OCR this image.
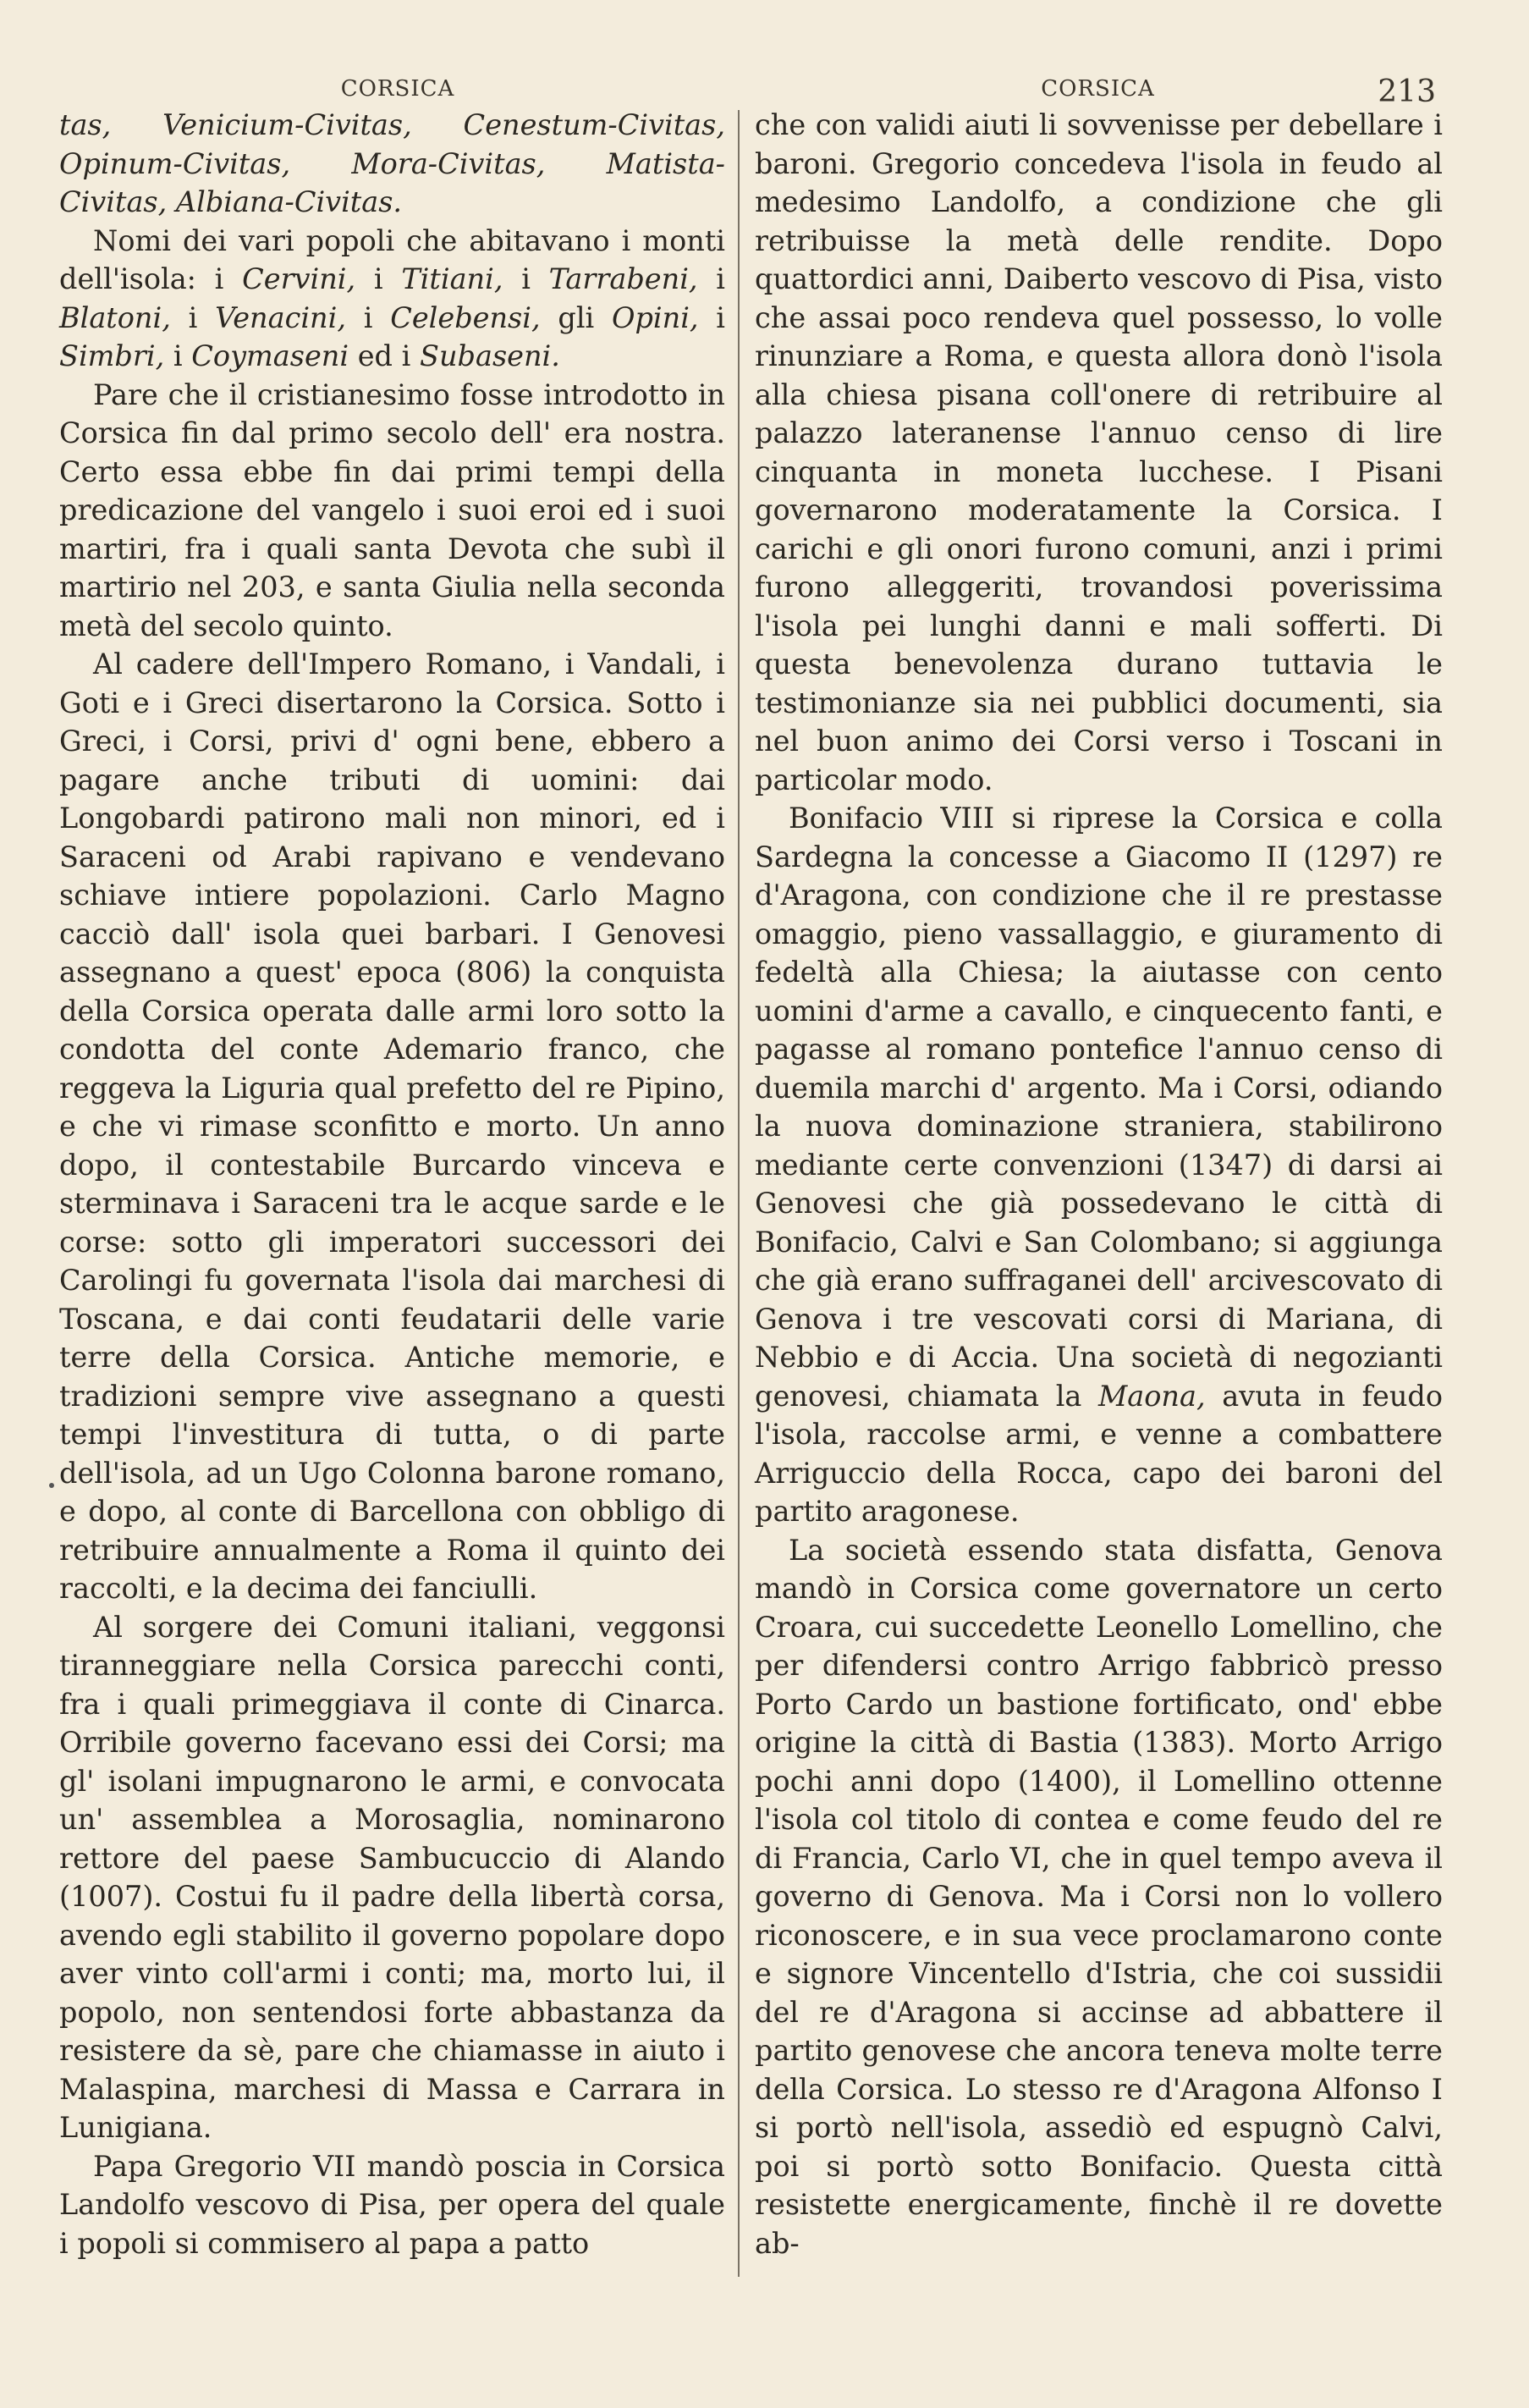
CORSICA	CORSICA	213

tas, Venicium-Civitas, Cenestum-Civitas, Opinum-Civitas, Mora-Civitas, Matista-Civitas, Albiana-Civitas.

Nomi dei vari popoli che abitavano i monti dell'isola: i Cervini, i Titiani, i Tarrabeni, i Blatoni, i Venacini, i Celebensi, gli Opini, i Simbri, i Coymaseni ed i Subaseni.

Pare che il cristianesimo fosse introdotto in Corsica fin dal primo secolo dell' era nostra. Certo essa ebbe fin dai primi tempi della predicazione del vangelo i suoi eroi ed i suoi martiri, fra i quali santa Devota che subì il martirio nel 203, e santa Giulia nella seconda metà del secolo quinto.

Al cadere dell'Impero Romano, i Vandali, i Goti e i Greci disertarono la Corsica. Sotto i Greci, i Corsi, privi d' ogni bene, ebbero a pagare anche tributi di uomini: dai Longobardi patirono mali non minori, ed i Saraceni od Arabi rapivano e vendevano schiave intiere popolazioni. Carlo Magno cacciò dall' isola quei barbari. I Genovesi assegnano a quest' epoca (806) la conquista della Corsica operata dalle armi loro sotto la condotta del conte Ademario franco, che reggeva la Liguria qual prefetto del re Pipino, e che vi rimase sconfitto e morto. Un anno dopo, il contestabile Burcardo vinceva e sterminava i Saraceni tra le acque sarde e le corse: sotto gli imperatori successori dei Carolingi fu governata l'isola dai marchesi di Toscana, e dai conti feudatarii delle varie terre della Corsica. Antiche memorie, e tradizioni sempre vive assegnano a questi tempi l'investitura di tutta, o di parte dell'isola, ad un Ugo Colonna barone romano, e dopo, al conte di Barcellona con obbligo di retribuire annualmente a Roma il quinto dei raccolti, e la decima dei fanciulli.

Al sorgere dei Comuni italiani, veggonsi tiranneggiare nella Corsica parecchi conti, fra i quali primeggiava il conte di Cinarca. Orribile governo facevano essi dei Corsi; ma gl' isolani impugnarono le armi, e convocata un' assemblea a Morosaglia, nominarono rettore del paese Sambucuccio di Alando (1007). Costui fu il padre della libertà corsa, avendo egli stabilito il governo popolare dopo aver vinto coll'armi i conti; ma, morto lui, il popolo, non sentendosi forte abbastanza da resistere da sè, pare che chiamasse in aiuto i Malaspina, marchesi di Massa e Carrara in Lunigiana.

Papa Gregorio VII mandò poscia in Corsica Landolfo vescovo di Pisa, per opera del quale i popoli si commisero al papa a patto

che con validi aiuti li sovvenisse per debellare i baroni. Gregorio concedeva l'isola in feudo al medesimo Landolfo, a condizione che gli retribuisse la metà delle rendite. Dopo quattordici anni, Daiberto vescovo di Pisa, visto che assai poco rendeva quel possesso, lo volle rinunziare a Roma, e questa allora donò l'isola alla chiesa pisana coll'onere di retribuire al palazzo lateranense l'annuo censo di lire cinquanta in moneta lucchese. I Pisani governarono moderatamente la Corsica. I carichi e gli onori furono comuni, anzi i primi furono alleggeriti, trovandosi poverissima l'isola pei lunghi danni e mali sofferti. Di questa benevolenza durano tuttavia le testimonianze sia nei pubblici documenti, sia nel buon animo dei Corsi verso i Toscani in particolar modo.

Bonifacio VIII si riprese la Corsica e colla Sardegna la concesse a Giacomo II (1297) re d'Aragona, con condizione che il re prestasse omaggio, pieno vassallaggio, e giuramento di fedeltà alla Chiesa; la aiutasse con cento uomini d'arme a cavallo, e cinquecento fanti, e pagasse al romano pontefice l'annuo censo di duemila marchi d' argento. Ma i Corsi, odiando la nuova dominazione straniera, stabilirono mediante certe convenzioni (1347) di darsi ai Genovesi che già possedevano le città di Bonifacio, Calvi e San Colombano; si aggiunga che già erano suffraganei dell' arcivescovato di Genova i tre vescovati corsi di Mariana, di Nebbio e di Accia. Una società di negozianti genovesi, chiamata la Maona, avuta in feudo l'isola, raccolse armi, e venne a combattere Arriguccio della Rocca, capo dei baroni del partito aragonese.

La società essendo stata disfatta, Genova mandò in Corsica come governatore un certo Croara, cui succedette Leonello Lomellino, che per difendersi contro Arrigo fabbricò presso Porto Cardo un bastione fortificato, ond' ebbe origine la città di Bastia (1383). Morto Arrigo pochi anni dopo (1400), il Lomellino ottenne l'isola col titolo di contea e come feudo del re di Francia, Carlo VI, che in quel tempo aveva il governo di Genova. Ma i Corsi non lo vollero riconoscere, e in sua vece proclamarono conte e signore Vincentello d'Istria, che coi sussidii del re d'Aragona si accinse ad abbattere il partito genovese che ancora teneva molte terre della Corsica. Lo stesso re d'Aragona Alfonso I si portò nell'isola, assediò ed espugnò Calvi, poi si portò sotto Bonifacio. Questa città resistette energicamente, finchè il re dovette ab-
